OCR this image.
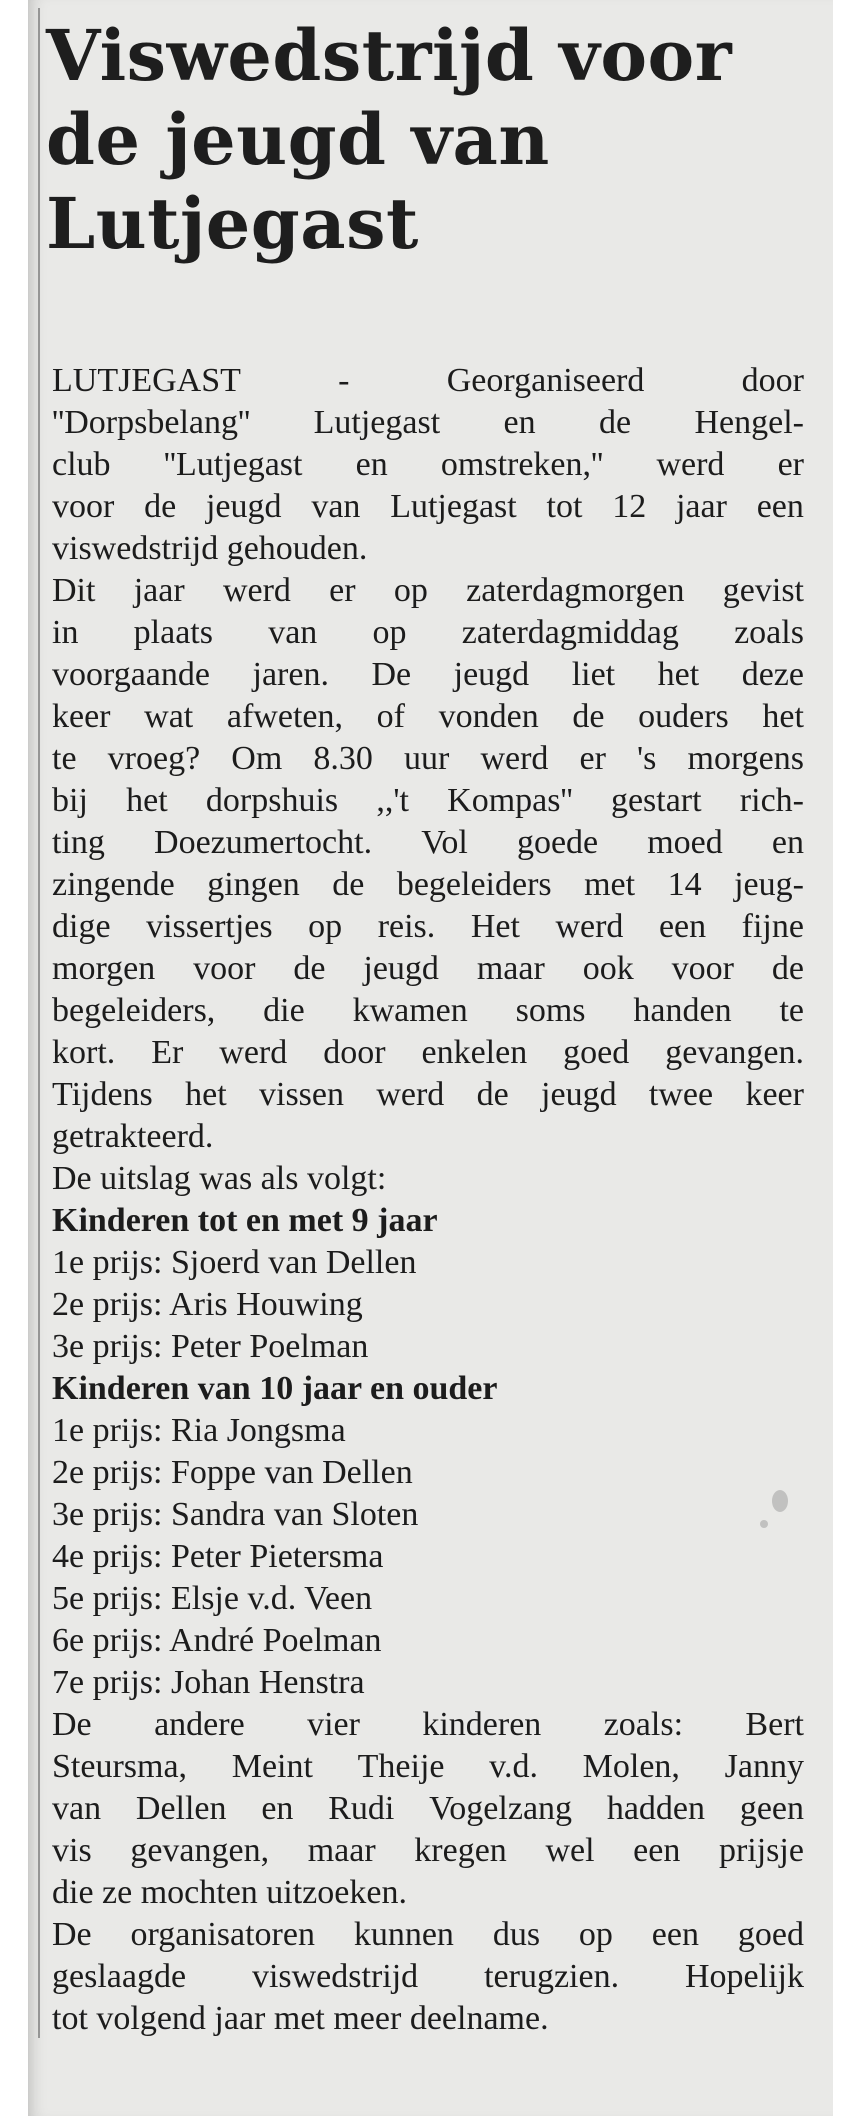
Viswedstrijd voor
de jeugd van
Lutjegast
LUTJEGAST	-	Georganiseerd	door
''Dorpsbelang'' Lutjegast en de Hengel-
club ''Lutjegast en omstreken,'' werd er
voor de jeugd van Lutjegast tot 12 jaar een
viswedstrijd gehouden.
Dit jaar werd er op zaterdagmorgen gevist
in plaats van op zaterdagmiddag zoals
voorgaande jaren. De jeugd liet het deze
keer wat afweten, of vonden de ouders het
te vroeg? Om 8.30 uur werd er 's morgens
bij het dorpshuis ,,'t Kompas'' gestart rich-
ting Doezumertocht. Vol goede moed en
zingende gingen de begeleiders met 14 jeug-
dige vissertjes op reis. Het werd een fijne
morgen voor de jeugd maar ook voor de
begeleiders, die kwamen soms handen te
kort. Er werd door enkelen goed gevangen.
Tijdens het vissen werd de jeugd twee keer
getrakteerd.
De uitslag was als volgt:
Kinderen tot en met 9 jaar
1e prijs: Sjoerd van Dellen
2e prijs: Aris Houwing
3e prijs: Peter Poelman
Kinderen van 10 jaar en ouder
1e prijs: Ria Jongsma
2e prijs: Foppe van Dellen
3e prijs: Sandra van Sloten
4e prijs: Peter Pietersma
5e prijs: Elsje v.d. Veen
6e prijs: André Poelman
7e prijs: Johan Henstra
De andere vier kinderen zoals: Bert
Steursma, Meint Theije v.d. Molen, Janny
van Dellen en Rudi Vogelzang hadden geen
vis gevangen, maar kregen wel een prijsje
die ze mochten uitzoeken.
De organisatoren kunnen dus op een goed
geslaagde viswedstrijd terugzien. Hopelijk
tot volgend jaar met meer deelname.
